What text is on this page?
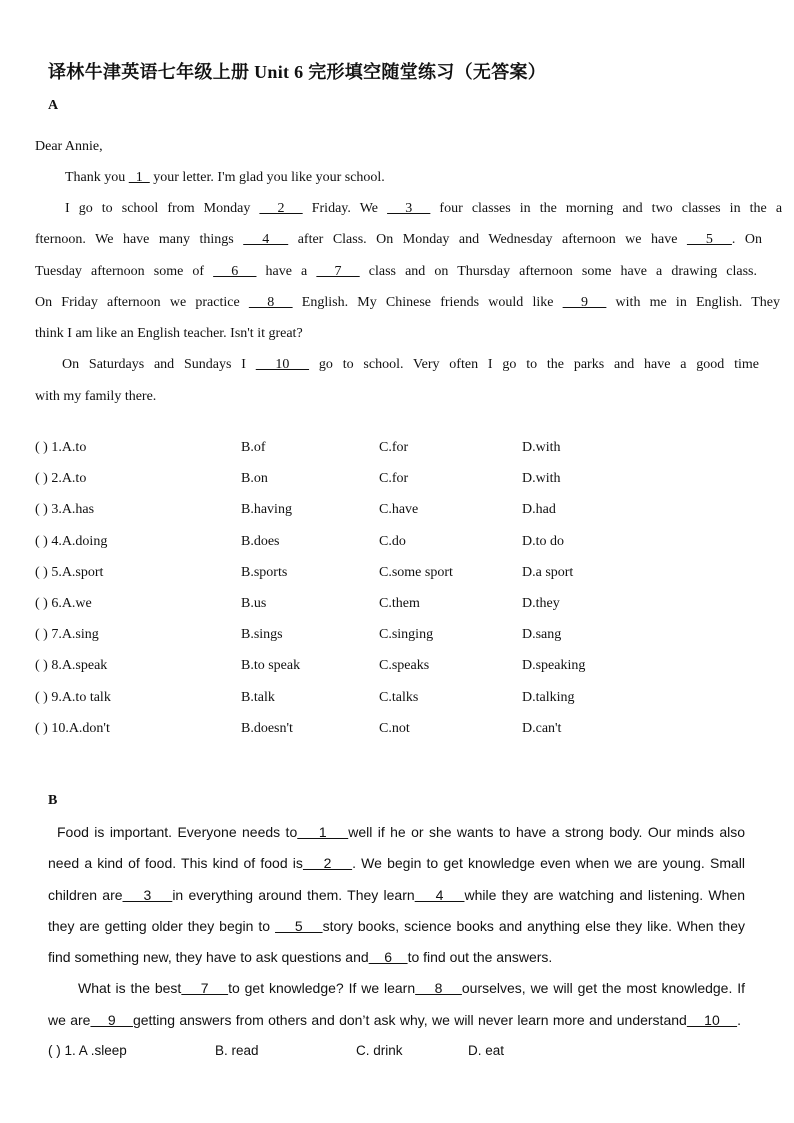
译林牛津英语七年级上册 Unit 6 完形填空随堂练习（无答案）
A
Dear Annie,
Thank you   1   your letter. I'm glad you like your school.
I go to school from Monday   2   Friday. We   3   four classes in the morning and two classes in the a
fternoon. We have many things   4   after Class. On Monday and Wednesday afternoon we have   5  . On
Tuesday afternoon some of   6   have a   7   class and on Thursday afternoon some have a drawing class.
On Friday afternoon we practice   8   English. My Chinese friends would like   9   with me in English. They
think I am like an English teacher. Isn't it great?
On Saturdays and Sundays I   10   go to school. Very often I go to the parks and have a good time
with my family there.
( ) 1.A.to	B.of	C.for	D.with
( ) 2.A.to	B.on	C.for	D.with
( ) 3.A.has	B.having	C.have	D.had
( ) 4.A.doing	B.does	C.do	D.to do
( ) 5.A.sport	B.sports	C.some sport	D.a sport
( ) 6.A.we	B.us	C.them	D.they
( ) 7.A.sing	B.sings	C.singing	D.sang
( ) 8.A.speak	B.to speak	C.speaks	D.speaking
( ) 9.A.to talk	B.talk	C.talks	D.talking
( ) 10.A.don't	B.doesn't	C.not	D.can't
B
Food is important. Everyone needs to    1    well if he or she wants to have a strong body. Our minds also
need a kind of food. This kind of food is    2    . We begin to get knowledge even when we are young. Small
children are    3    in everything around them. They learn    4    while they are watching and listening. When
they are getting older they begin to     5    story books, science books and anything else they like. When they
find something new, they have to ask questions and    6    to find out the answers.
What is the best    7    to get knowledge? If we learn    8    ourselves, we will get the most knowledge. If
we are    9    getting answers from others and don’t ask why, we will never learn more and understand    10    .
( ) 1. A .sleep	B. read	C. drink	D. eat
